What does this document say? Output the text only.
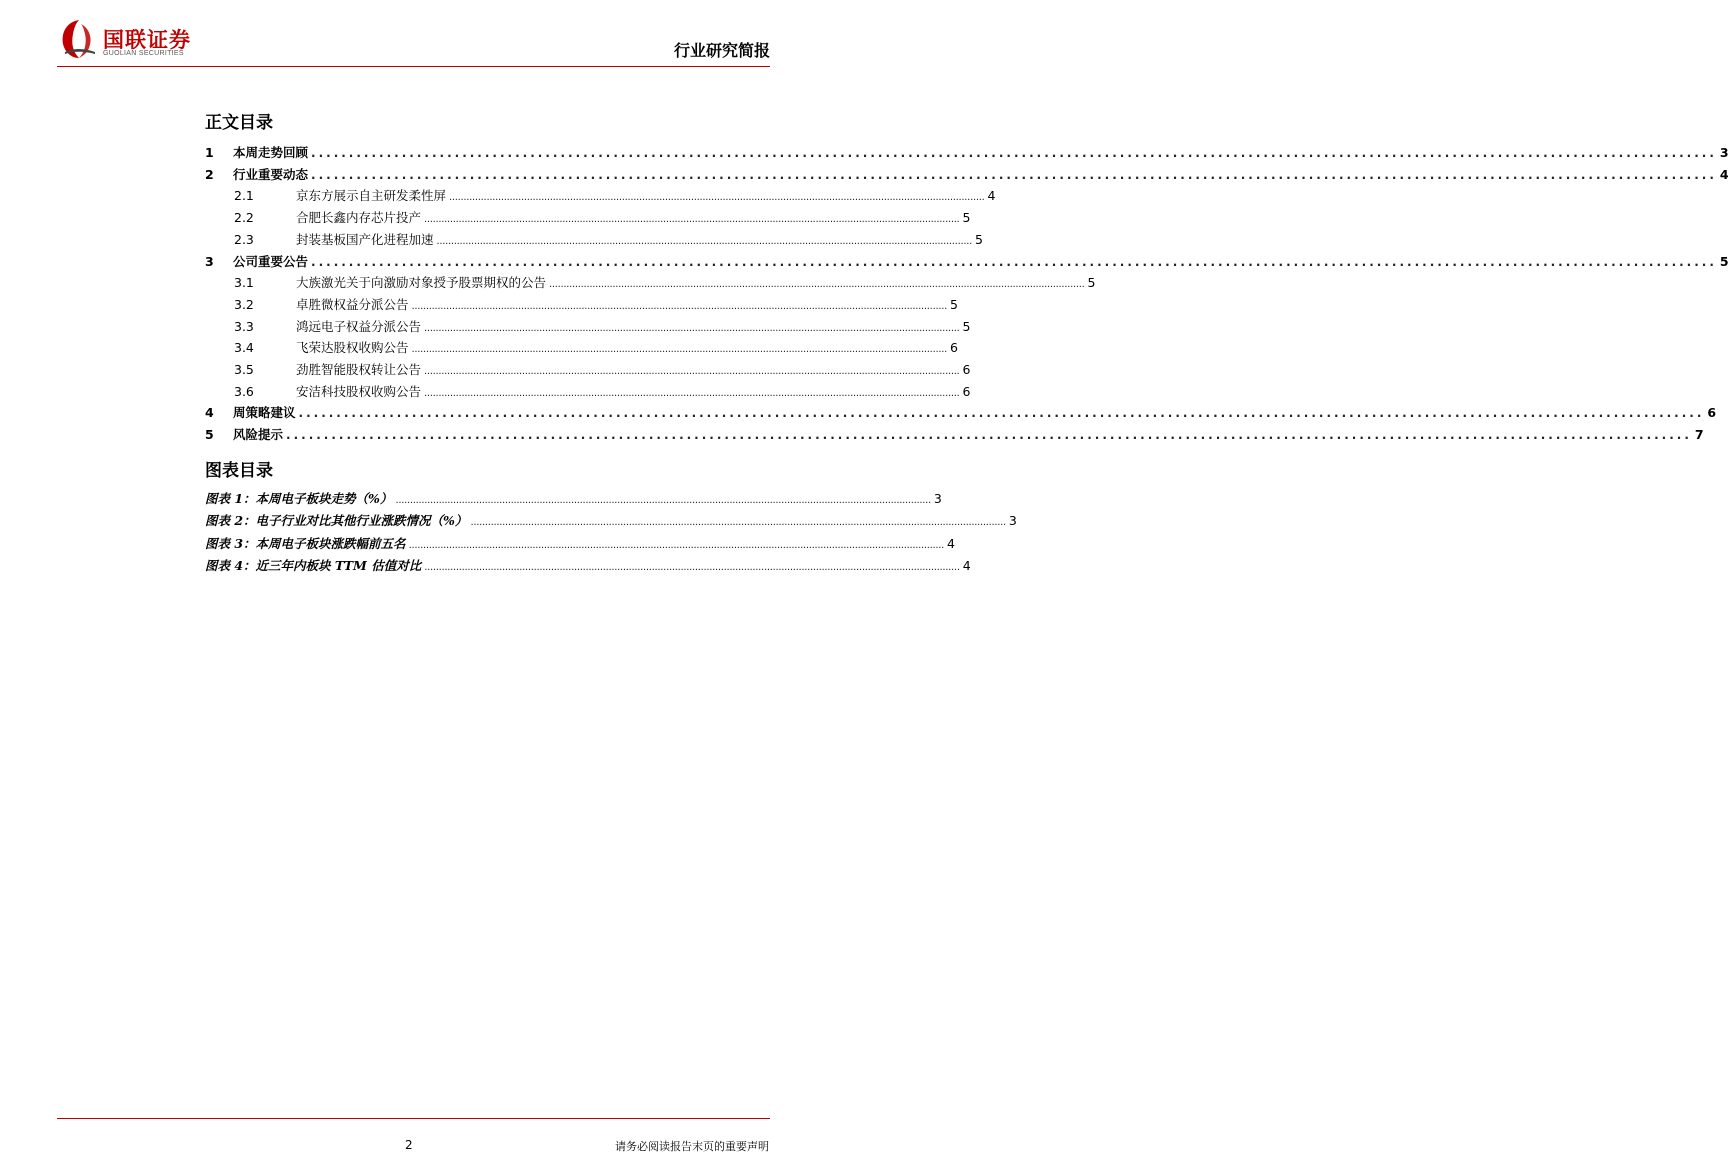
国联证券
GUOLIAN SECURITIES	行业研究简报
正文目录
1	本周走势回顾 .......................................................................................................................................................................................... 3
2	行业重要动态 .......................................................................................................................................................................................... 4
2.1	京东方展示自主研发柔性屏 .......................................................................................................................................................................................... 4
2.2	合肥长鑫内存芯片投产 .......................................................................................................................................................................................... 5
2.3	封装基板国产化进程加速 .......................................................................................................................................................................................... 5
3	公司重要公告 .......................................................................................................................................................................................... 5
3.1	大族激光关于向激励对象授予股票期权的公告 .......................................................................................................................................................................................... 5
3.2	卓胜微权益分派公告 .......................................................................................................................................................................................... 5
3.3	鸿远电子权益分派公告 .......................................................................................................................................................................................... 5
3.4	飞荣达股权收购公告 .......................................................................................................................................................................................... 6
3.5	劲胜智能股权转让公告 .......................................................................................................................................................................................... 6
3.6	安洁科技股权收购公告 .......................................................................................................................................................................................... 6
4	周策略建议 .......................................................................................................................................................................................... 6
5	风险提示 .......................................................................................................................................................................................... 7
图表目录
图表 1：本周电子板块走势（%） .......................................................................................................................................................................................... 3
图表 2：电子行业对比其他行业涨跌情况（%） .......................................................................................................................................................................................... 3
图表 3：本周电子板块涨跌幅前五名 .......................................................................................................................................................................................... 4
图表 4：近三年内板块 TTM 估值对比 .......................................................................................................................................................................................... 4
2	请务必阅读报告末页的重要声明
